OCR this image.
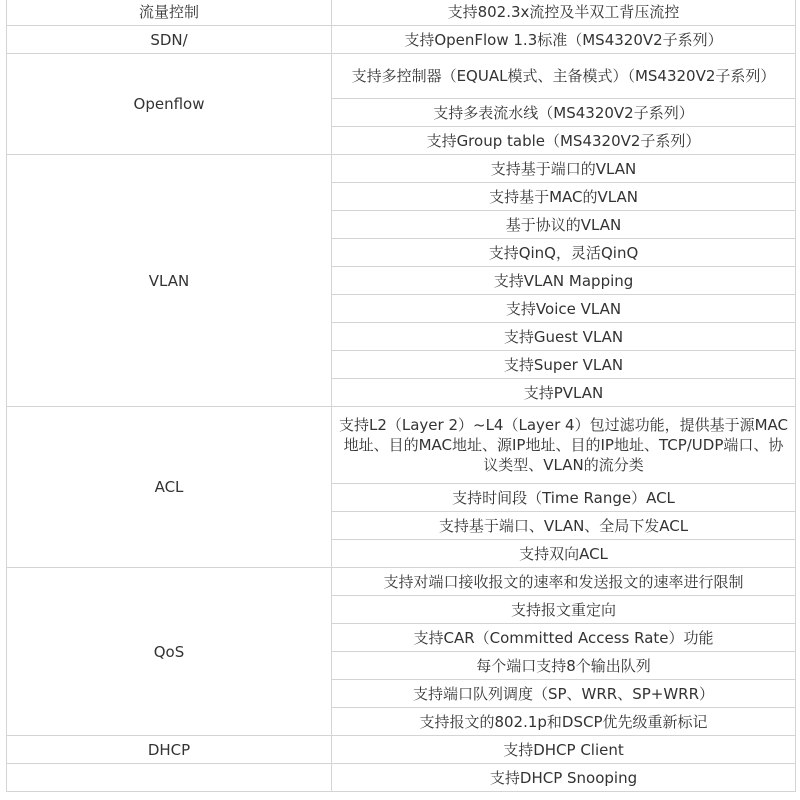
流量控制	支持802.3x流控及半双工背压流控
SDN/	支持OpenFlow 1.3标准（MS4320V2子系列）
Openflow	支持多控制器（EQUAL模式、主备模式）（MS4320V2子系列）
	支持多表流水线（MS4320V2子系列）
	支持Group table（MS4320V2子系列）
VLAN	支持基于端口的VLAN
	支持基于MAC的VLAN
	基于协议的VLAN
	支持QinQ，灵活QinQ
	支持VLAN Mapping
	支持Voice VLAN
	支持Guest VLAN
	支持Super VLAN
	支持PVLAN
ACL	支持L2（Layer 2）~L4（Layer 4）包过滤功能，提供基于源MAC地址、目的MAC地址、源IP地址、目的IP地址、TCP/UDP端口、协议类型、VLAN的流分类
	支持时间段（Time Range）ACL
	支持基于端口、VLAN、全局下发ACL
	支持双向ACL
QoS	支持对端口接收报文的速率和发送报文的速率进行限制
	支持报文重定向
	支持CAR（Committed Access Rate）功能
	每个端口支持8个输出队列
	支持端口队列调度（SP、WRR、SP+WRR）
	支持报文的802.1p和DSCP优先级重新标记
DHCP	支持DHCP Client
	支持DHCP Snooping
